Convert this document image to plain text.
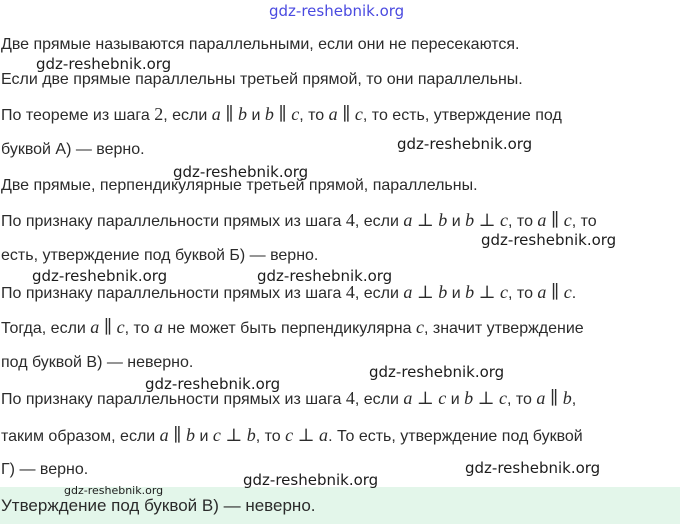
gdz-reshebnik.org
Две прямые называются параллельными, если они не пересекаются.
Если две прямые параллельны третьей прямой, то они параллельны.
По теореме из шага 2, если a ∥ b и b ∥ c, то a ∥ c, то есть, утверждение под
буквой А) — верно.
Две прямые, перпендикулярные третьей прямой, параллельны.
По признаку параллельности прямых из шага 4, если a ⊥ b и b ⊥ c, то a ∥ c, то
есть, утверждение под буквой Б) — верно.
По признаку параллельности прямых из шага 4, если a ⊥ b и b ⊥ c, то a ∥ c.
Тогда, если a ∥ c, то a не может быть перпендикулярна c, значит утверждение
под буквой В) — неверно.
По признаку параллельности прямых из шага 4, если a ⊥ c и b ⊥ c, то a ∥ b,
таким образом, если a ∥ b и c ⊥ b, то c ⊥ a. То есть, утверждение под буквой
Г) — верно.
Утверждение под буквой В) — неверно.
gdz-reshebnik.org
gdz-reshebnik.org
gdz-reshebnik.org
gdz-reshebnik.org
gdz-reshebnik.org	gdz-reshebnik.org
gdz-reshebnik.org
gdz-reshebnik.org
gdz-reshebnik.org
gdz-reshebnik.org
gdz-reshebnik.org
